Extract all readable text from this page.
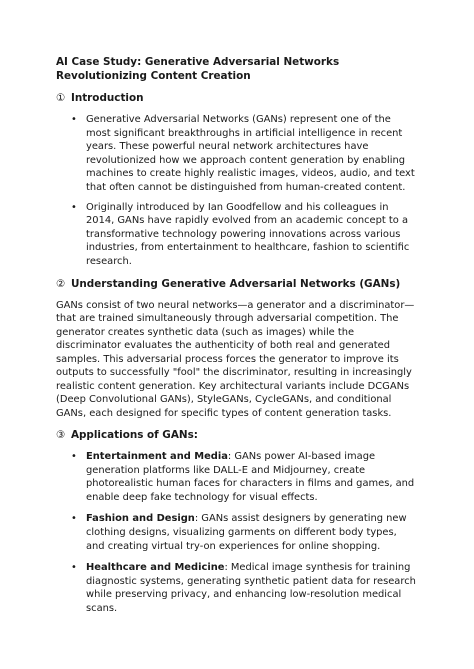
AI Case Study: Generative Adversarial Networks Revolutionizing Content Creation
① Introduction
• Generative Adversarial Networks (GANs) represent one of the most significant breakthroughs in artificial intelligence in recent years. These powerful neural network architectures have revolutionized how we approach content generation by enabling machines to create highly realistic images, videos, audio, and text that often cannot be distinguished from human-created content.
• Originally introduced by Ian Goodfellow and his colleagues in 2014, GANs have rapidly evolved from an academic concept to a transformative technology powering innovations across various industries, from entertainment to healthcare, fashion to scientific research.
② Understanding Generative Adversarial Networks (GANs)

GANs consist of two neural networks—a generator and a discriminator—that are trained simultaneously through adversarial competition. The generator creates synthetic data (such as images) while the discriminator evaluates the authenticity of both real and generated samples. This adversarial process forces the generator to improve its outputs to successfully "fool" the discriminator, resulting in increasingly realistic content generation. Key architectural variants include DCGANs (Deep Convolutional GANs), StyleGANs, CycleGANs, and conditional GANs, each designed for specific types of content generation tasks.

③ Applications of GANs:
• Entertainment and Media: GANs power AI-based image generation platforms like DALL-E and Midjourney, create photorealistic human faces for characters in films and games, and enable deep fake technology for visual effects.
• Fashion and Design: GANs assist designers by generating new clothing designs, visualizing garments on different body types, and creating virtual try-on experiences for online shopping.
• Healthcare and Medicine: Medical image synthesis for training diagnostic systems, generating synthetic patient data for research while preserving privacy, and enhancing low-resolution medical scans.
